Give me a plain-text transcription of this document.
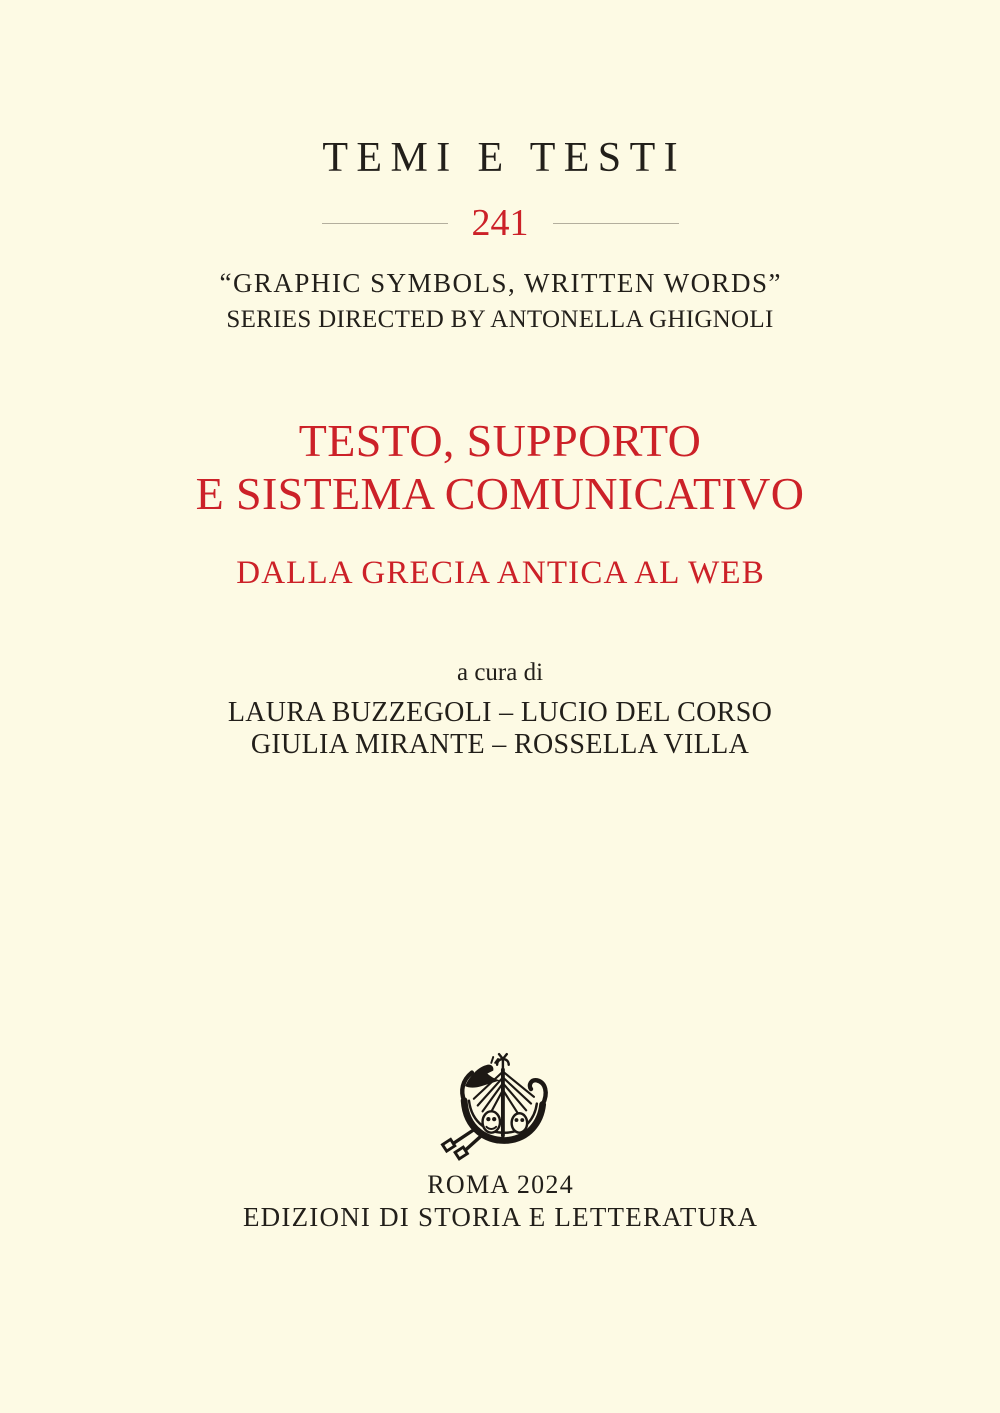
TEMI E TESTI
241
“GRAPHIC SYMBOLS, WRITTEN WORDS”
SERIES DIRECTED BY ANTONELLA GHIGNOLI
TESTO, SUPPORTO
E SISTEMA COMUNICATIVO
DALLA GRECIA ANTICA AL WEB
a cura di
LAURA BUZZEGOLI – LUCIO DEL CORSO
GIULIA MIRANTE – ROSSELLA VILLA
ROMA 2024
EDIZIONI DI STORIA E LETTERATURA
